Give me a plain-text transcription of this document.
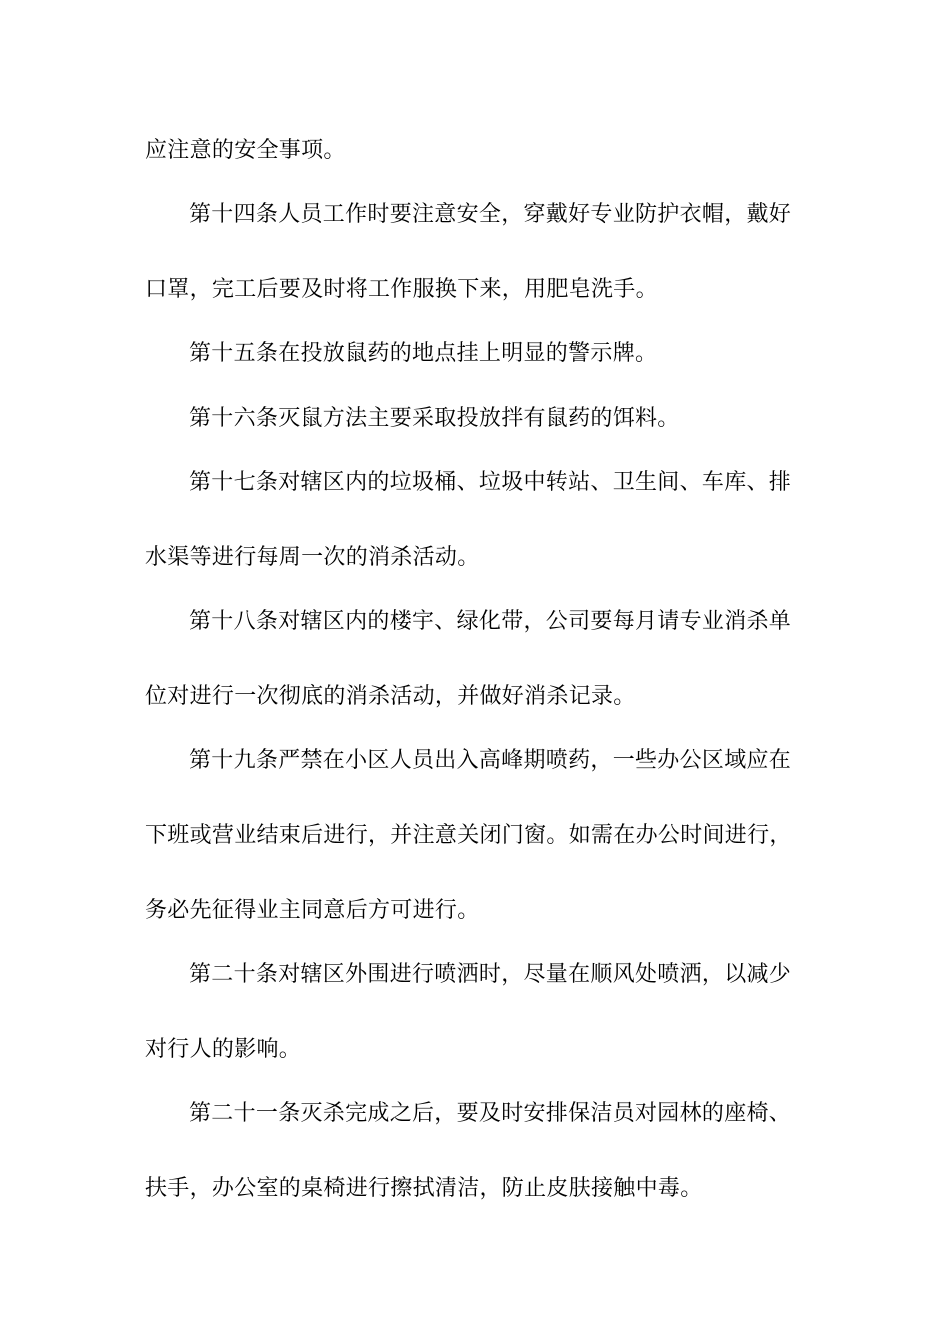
应注意的安全事项。
第十四条人员工作时要注意安全，穿戴好专业防护衣帽，戴好
口罩，完工后要及时将工作服换下来，用肥皂洗手。
第十五条在投放鼠药的地点挂上明显的警示牌。
第十六条灭鼠方法主要采取投放拌有鼠药的饵料。
第十七条对辖区内的垃圾桶、垃圾中转站、卫生间、车库、排
水渠等进行每周一次的消杀活动。
第十八条对辖区内的楼宇、绿化带，公司要每月请专业消杀单
位对进行一次彻底的消杀活动，并做好消杀记录。
第十九条严禁在小区人员出入高峰期喷药，一些办公区域应在
下班或营业结束后进行，并注意关闭门窗。如需在办公时间进行，
务必先征得业主同意后方可进行。
第二十条对辖区外围进行喷洒时，尽量在顺风处喷洒，以减少
对行人的影响。
第二十一条灭杀完成之后，要及时安排保洁员对园林的座椅、
扶手，办公室的桌椅进行擦拭清洁，防止皮肤接触中毒。
